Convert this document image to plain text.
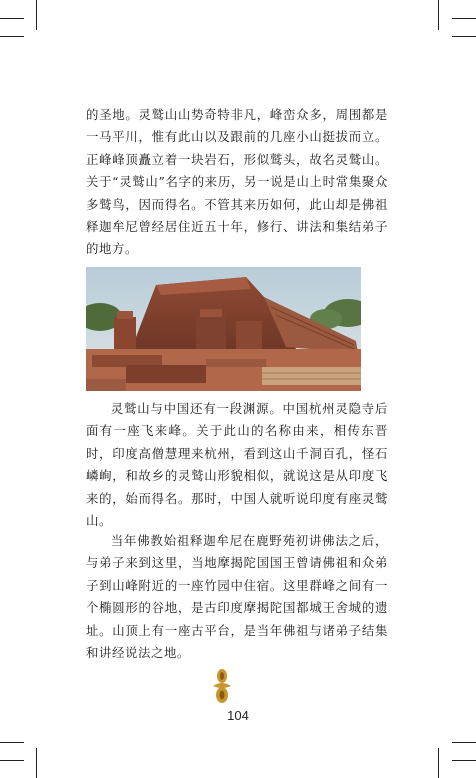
的圣地。灵鹫山山势奇特非凡，峰峦众多，周围都是一马平川，惟有此山以及跟前的几座小山挺拔而立。正峰峰顶矗立着一块岩石，形似鹫头，故名灵鹫山。关于“灵鹫山”名字的来历，另一说是山上时常集聚众多鹫鸟，因而得名。不管其来历如何，此山却是佛祖释迦牟尼曾经居住近五十年，修行、讲法和集结弟子的地方。

灵鹫山与中国还有一段渊源。中国杭州灵隐寺后面有一座飞来峰。关于此山的名称由来，相传东晋时，印度高僧慧理来杭州，看到这山千洞百孔，怪石嶙峋，和故乡的灵鹫山形貌相似，就说这是从印度飞来的，始而得名。那时，中国人就听说印度有座灵鹫山。

当年佛教始祖释迦牟尼在鹿野苑初讲佛法之后，与弟子来到这里，当地摩揭陀国国王曾请佛祖和众弟子到山峰附近的一座竹园中住宿。这里群峰之间有一个椭圆形的谷地，是古印度摩揭陀国都城王舍城的遗址。山顶上有一座古平台，是当年佛祖与诸弟子结集和讲经说法之地。

104
